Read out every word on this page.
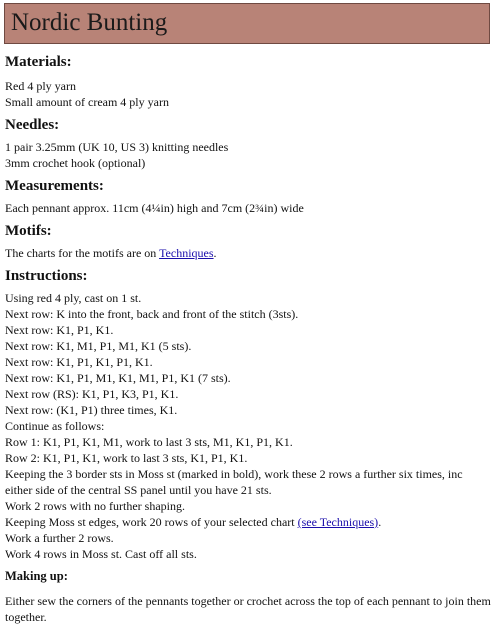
Nordic Bunting
Materials:

Red 4 ply yarn

Small amount of cream 4 ply yarn

Needles:

1 pair 3.25mm (UK 10, US 3) knitting needles

3mm crochet hook (optional)

Measurements:

Each pennant approx. 11cm (4¼in) high and 7cm (2¾in) wide

Motifs:

The charts for the motifs are on Techniques.

Instructions:

Using red 4 ply, cast on 1 st.

Next row: K into the front, back and front of the stitch (3sts).

Next row: K1, P1, K1.

Next row: K1, M1, P1, M1, K1 (5 sts).

Next row: K1, P1, K1, P1, K1.

Next row: K1, P1, M1, K1, M1, P1, K1 (7 sts).

Next row (RS): K1, P1, K3, P1, K1.

Next row: (K1, P1) three times, K1.

Continue as follows:

Row 1: K1, P1, K1, M1, work to last 3 sts, M1, K1, P1, K1.

Row 2: K1, P1, K1, work to last 3 sts, K1, P1, K1.

Keeping the 3 border sts in Moss st (marked in bold), work these 2 rows a further six times, inc either side of the central SS panel until you have 21 sts.

Work 2 rows with no further shaping.

Keeping Moss st edges, work 20 rows of your selected chart (see Techniques).

Work a further 2 rows.

Work 4 rows in Moss st. Cast off all sts.

Making up:

Either sew the corners of the pennants together or crochet across the top of each pennant to join them together.
